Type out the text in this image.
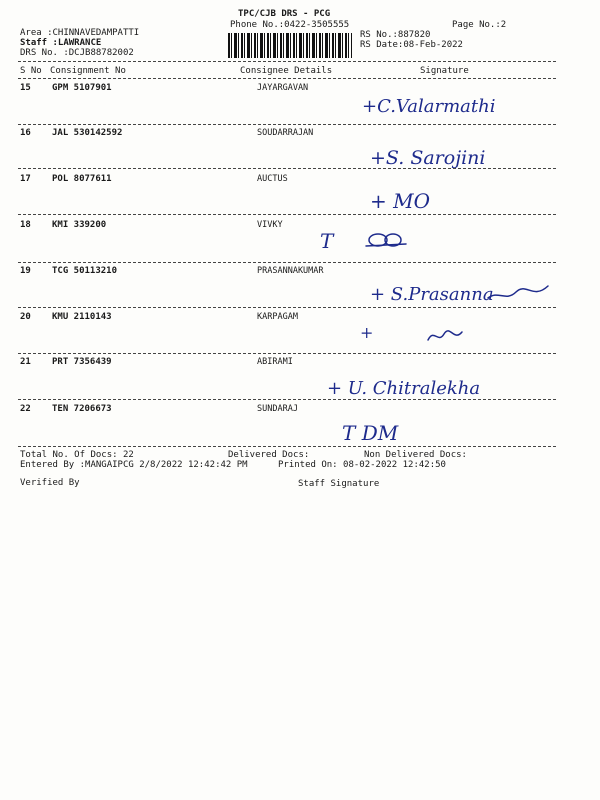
TPC/CJB DRS - PCG
Phone No.:0422-3505555	Page No.:2
Area :CHINNAVEDAMPATTI
Staff :LAWRANCE
DRS No. :DCJB88782002
RS No.:887820
RS Date:08-Feb-2022
S No Consignment No	Consignee Details	Signature
15 GPM 5107901	JAYARGAVAN
+C.Valarmathi
16 JAL 530142592	SOUDARRAJAN
+S. Sarojini
17 POL 8077611	AUCTUS
+ MO
18 KMI 339200	VIVKY
T
19 TCG 50113210	PRASANNAKUMAR
+ S.Prasanna
20 KMU 2110143	KARPAGAM
+
21 PRT 7356439	ABIRAMI
+ U. Chitralekha
22 TEN 7206673	SUNDARAJ
T DM
Total No. Of Docs: 22	Delivered Docs:	Non Delivered Docs:
Entered By :MANGAIPCG 2/8/2022 12:42:42 PM	Printed On: 08-02-2022 12:42:50
Verified By	Staff Signature
